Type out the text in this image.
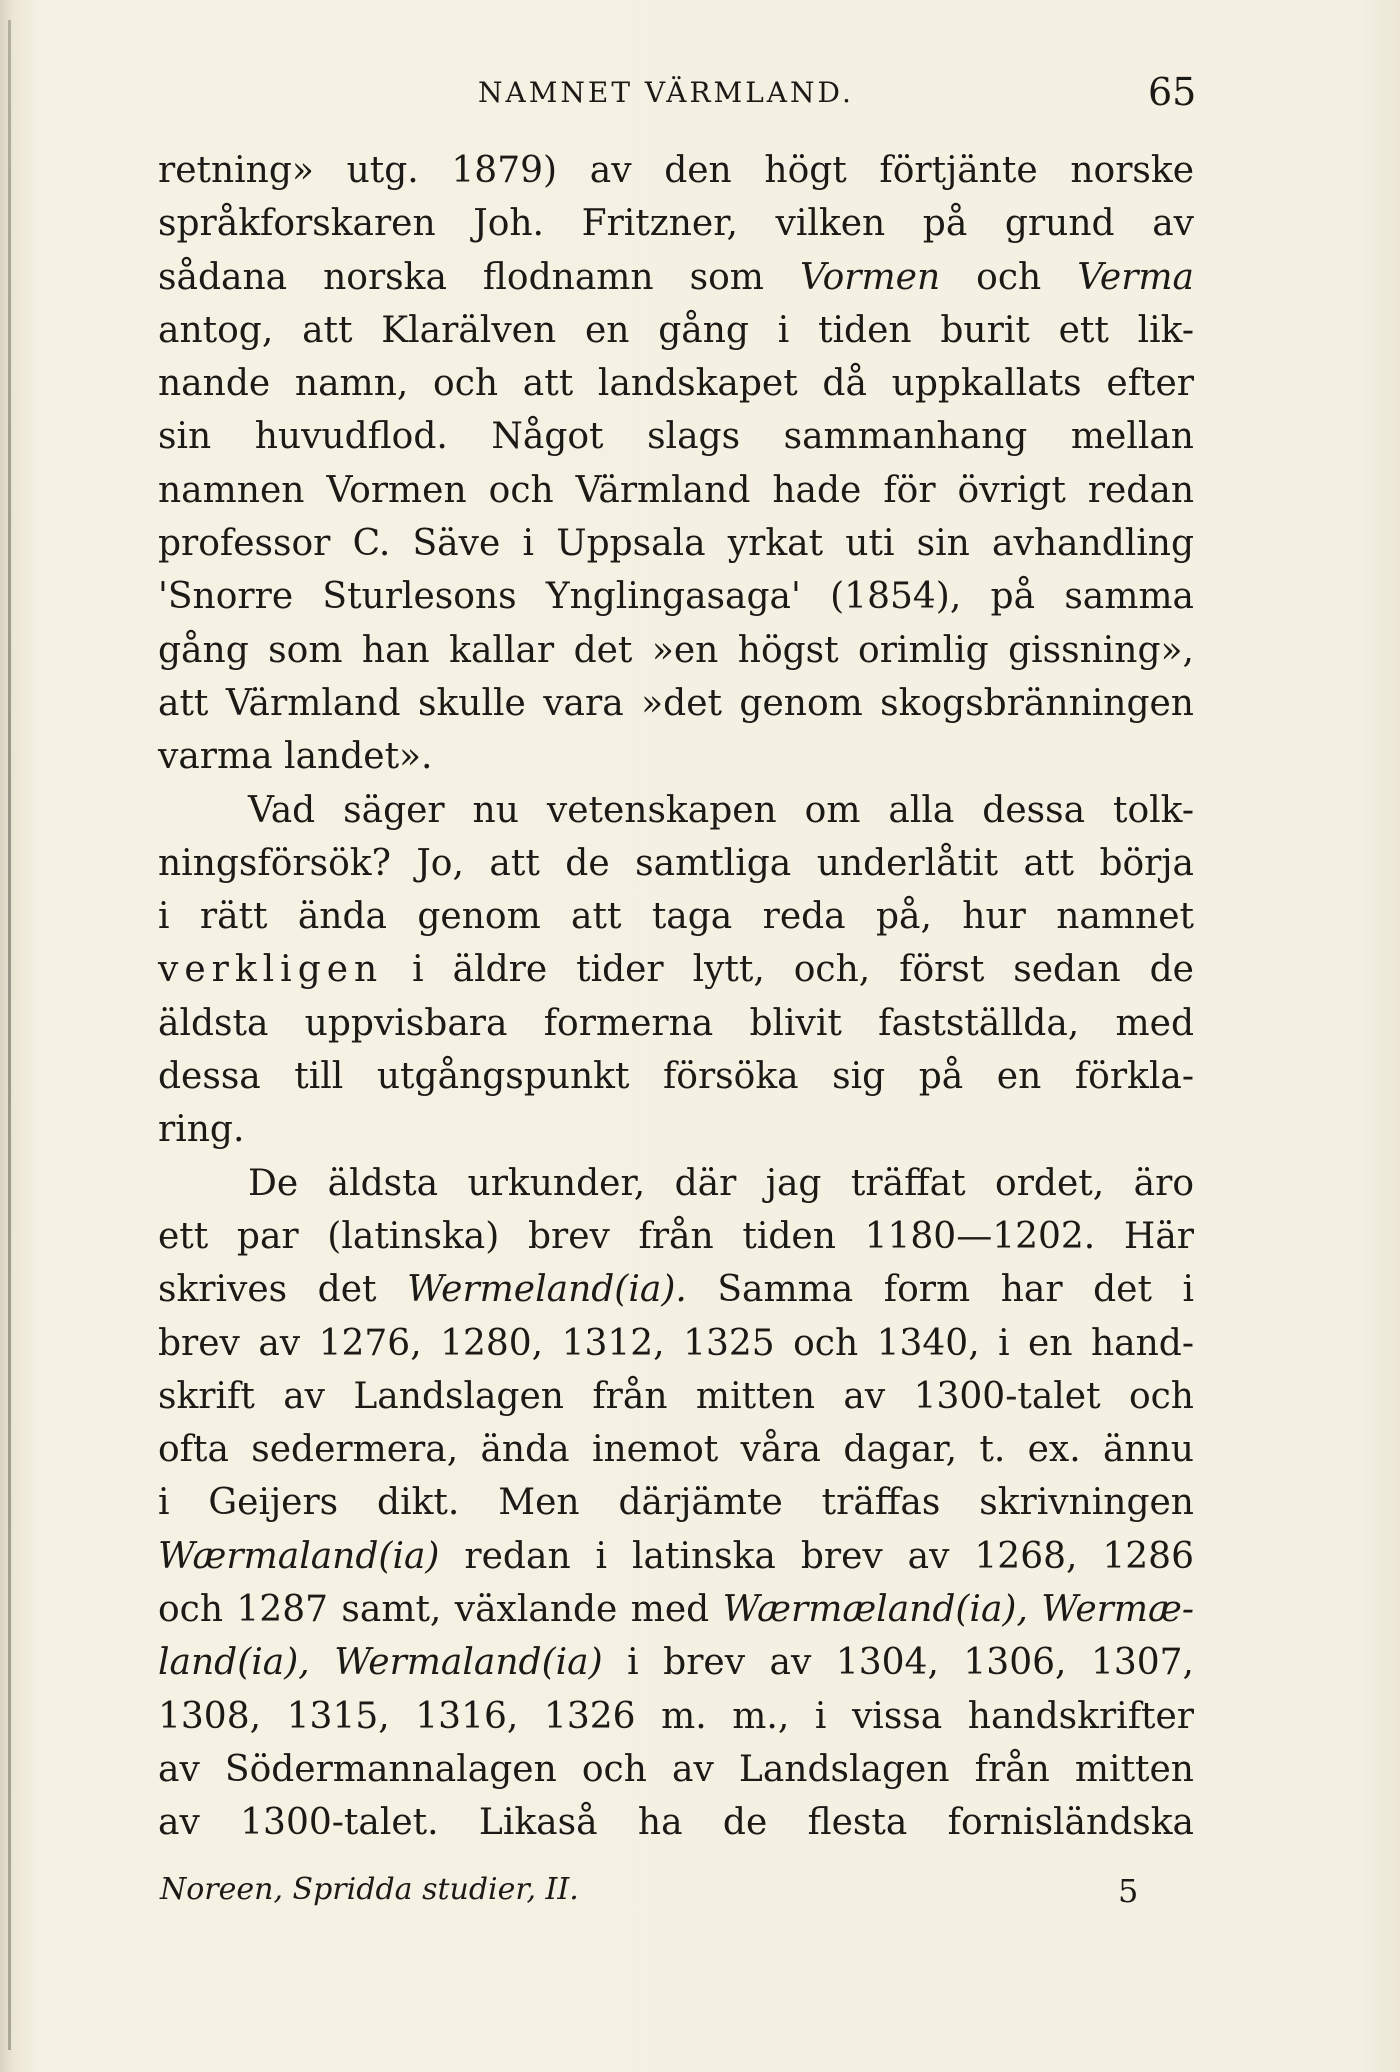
NAMNET VÄRMLAND.	65
retning» utg. 1879) av den högt förtjänte norske
språkforskaren Joh. Fritzner, vilken på grund av
sådana norska flodnamn som Vormen och Verma
antog, att Klarälven en gång i tiden burit ett lik-
nande namn, och att landskapet då uppkallats efter
sin huvudflod. Något slags sammanhang mellan
namnen Vormen och Värmland hade för övrigt redan
professor C. Säve i Uppsala yrkat uti sin avhandling
'Snorre Sturlesons Ynglingasaga' (1854), på samma
gång som han kallar det »en högst orimlig gissning»,
att Värmland skulle vara »det genom skogsbränningen
varma landet».
Vad säger nu vetenskapen om alla dessa tolk-
ningsförsök? Jo, att de samtliga underlåtit att börja
i rätt ända genom att taga reda på, hur namnet
verkligen i äldre tider lytt, och, först sedan de
äldsta uppvisbara formerna blivit fastställda, med
dessa till utgångspunkt försöka sig på en förkla-
ring.
De äldsta urkunder, där jag träffat ordet, äro
ett par (latinska) brev från tiden 1180—1202. Här
skrives det Wermeland(ia). Samma form har det i
brev av 1276, 1280, 1312, 1325 och 1340, i en hand-
skrift av Landslagen från mitten av 1300-talet och
ofta sedermera, ända inemot våra dagar, t. ex. ännu
i Geijers dikt. Men därjämte träffas skrivningen
Wærmaland(ia) redan i latinska brev av 1268, 1286
och 1287 samt, växlande med Wærmæland(ia), Wermæ-
land(ia), Wermaland(ia) i brev av 1304, 1306, 1307,
1308, 1315, 1316, 1326 m. m., i vissa handskrifter
av Södermannalagen och av Landslagen från mitten
av 1300-talet. Likaså ha de flesta fornisländska
Noreen, Spridda studier, II.	5
